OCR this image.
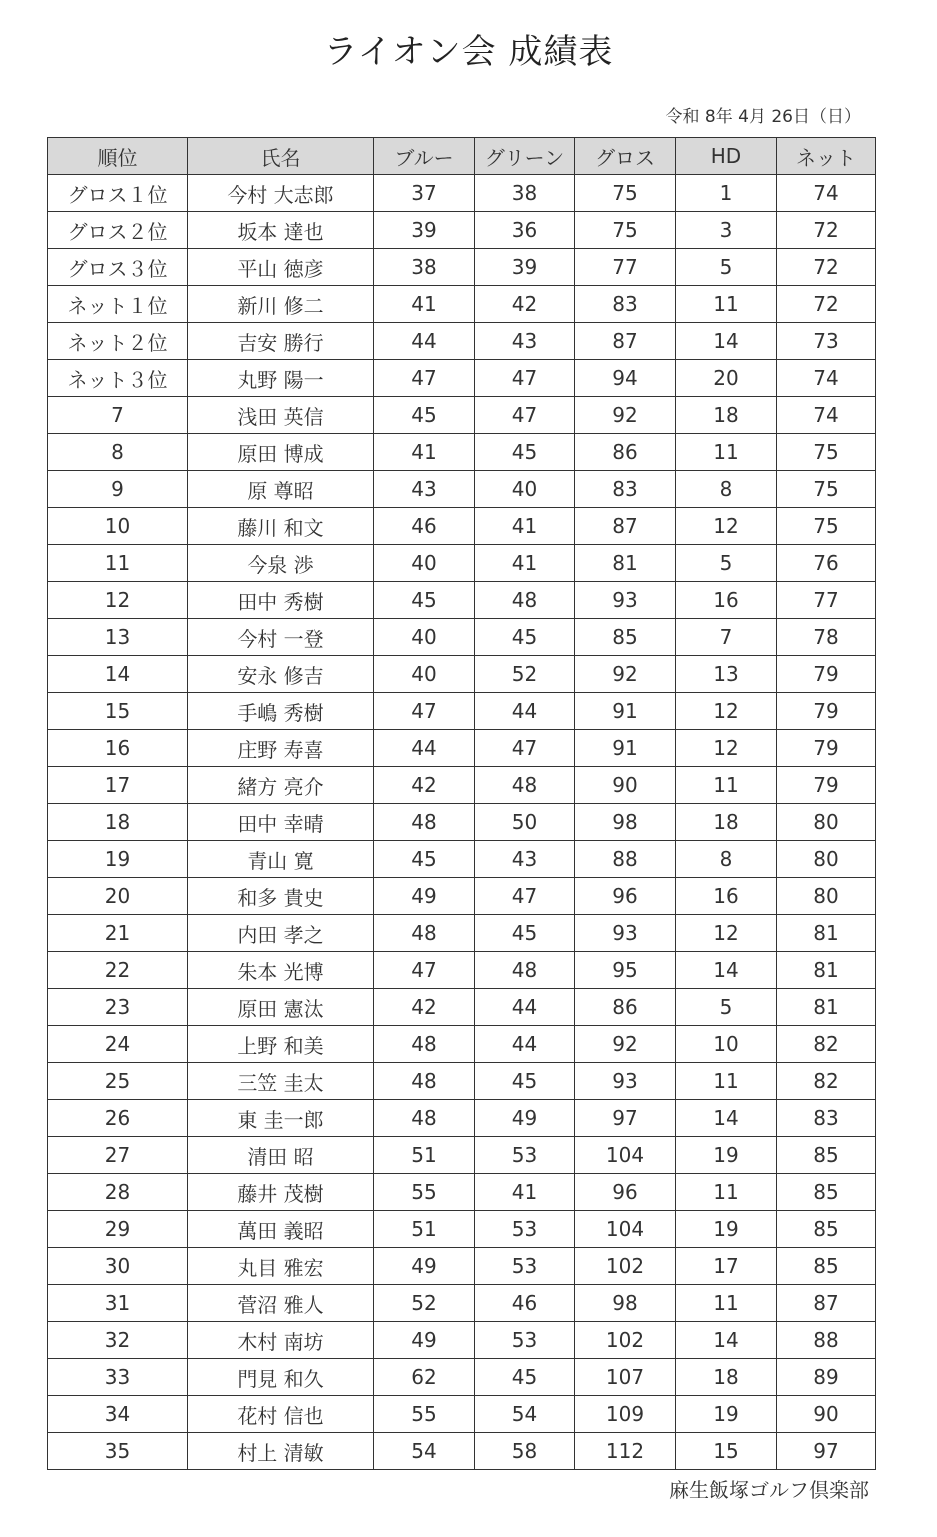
ライオン会 成績表
令和 8年 4月 26日（日）
順位	氏名	ブルー	グリーン	グロス	HD	ネット
グロス１位	今村 大志郎	37	38	75	1	74
グロス２位	坂本 達也	39	36	75	3	72
グロス３位	平山 徳彦	38	39	77	5	72
ネット１位	新川 修二	41	42	83	11	72
ネット２位	吉安 勝行	44	43	87	14	73
ネット３位	丸野 陽一	47	47	94	20	74
7	浅田 英信	45	47	92	18	74
8	原田 博成	41	45	86	11	75
9	原 尊昭	43	40	83	8	75
10	藤川 和文	46	41	87	12	75
11	今泉 渉	40	41	81	5	76
12	田中 秀樹	45	48	93	16	77
13	今村 一登	40	45	85	7	78
14	安永 修吉	40	52	92	13	79
15	手嶋 秀樹	47	44	91	12	79
16	庄野 寿喜	44	47	91	12	79
17	緒方 亮介	42	48	90	11	79
18	田中 幸晴	48	50	98	18	80
19	青山 寛	45	43	88	8	80
20	和多 貴史	49	47	96	16	80
21	内田 孝之	48	45	93	12	81
22	朱本 光博	47	48	95	14	81
23	原田 憲汰	42	44	86	5	81
24	上野 和美	48	44	92	10	82
25	三笠 圭太	48	45	93	11	82
26	東 圭一郎	48	49	97	14	83
27	清田 昭	51	53	104	19	85
28	藤井 茂樹	55	41	96	11	85
29	萬田 義昭	51	53	104	19	85
30	丸目 雅宏	49	53	102	17	85
31	菅沼 雅人	52	46	98	11	87
32	木村 南坊	49	53	102	14	88
33	門見 和久	62	45	107	18	89
34	花村 信也	55	54	109	19	90
35	村上 清敏	54	58	112	15	97
麻生飯塚ゴルフ倶楽部
